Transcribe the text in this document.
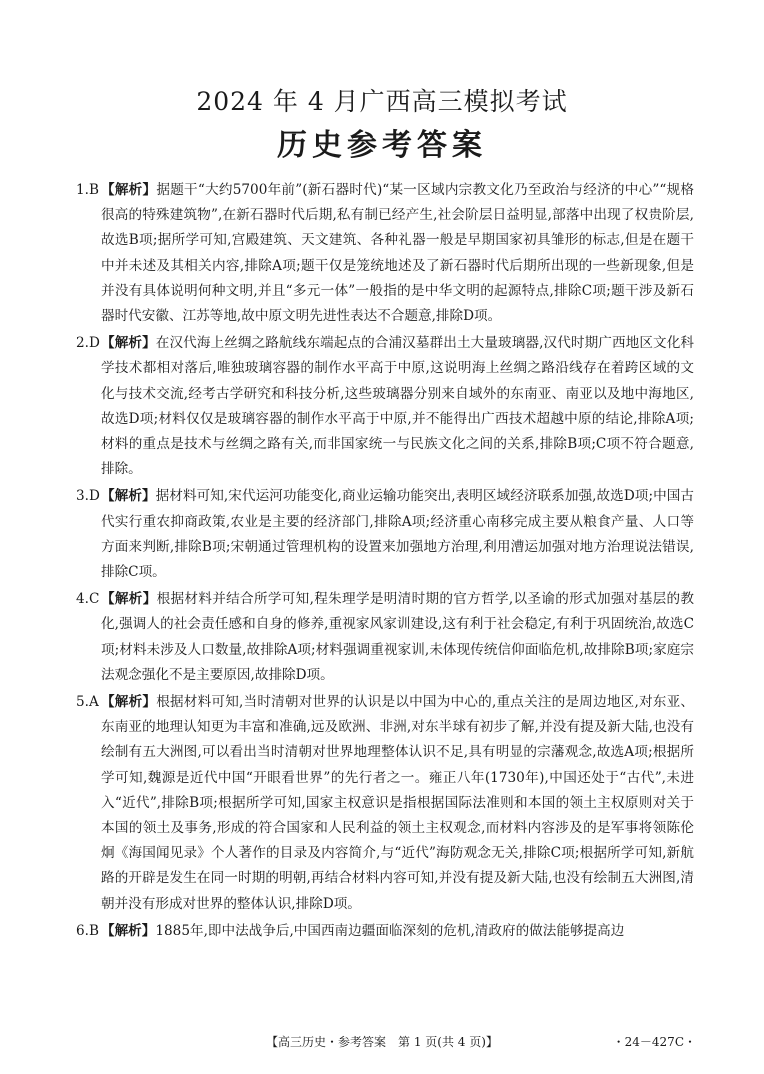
2024 年 4 月广西高三模拟考试
历史参考答案
1.B 【解析】据题干“大约5700年前”(新石器时代)“某一区域内宗教文化乃至政治与经济的中心”“规格很高的特殊建筑物”,在新石器时代后期,私有制已经产生,社会阶层日益明显,部落中出现了权贵阶层,故选B项;据所学可知,宫殿建筑、天文建筑、各种礼器一般是早期国家初具雏形的标志,但是在题干中并未述及其相关内容,排除A项;题干仅是笼统地述及了新石器时代后期所出现的一些新现象,但是并没有具体说明何种文明,并且“多元一体”一般指的是中华文明的起源特点,排除C项;题干涉及新石器时代安徽、江苏等地,故中原文明先进性表达不合题意,排除D项。
2.D 【解析】在汉代海上丝绸之路航线东端起点的合浦汉墓群出土大量玻璃器,汉代时期广西地区文化科学技术都相对落后,唯独玻璃容器的制作水平高于中原,这说明海上丝绸之路沿线存在着跨区域的文化与技术交流,经考古学研究和科技分析,这些玻璃器分别来自域外的东南亚、南亚以及地中海地区,故选D项;材料仅仅是玻璃容器的制作水平高于中原,并不能得出广西技术超越中原的结论,排除A项;材料的重点是技术与丝绸之路有关,而非国家统一与民族文化之间的关系,排除B项;C项不符合题意,排除。
3.D 【解析】据材料可知,宋代运河功能变化,商业运输功能突出,表明区域经济联系加强,故选D项;中国古代实行重农抑商政策,农业是主要的经济部门,排除A项;经济重心南移完成主要从粮食产量、人口等方面来判断,排除B项;宋朝通过管理机构的设置来加强地方治理,利用漕运加强对地方治理说法错误,排除C项。
4.C 【解析】根据材料并结合所学可知,程朱理学是明清时期的官方哲学,以圣谕的形式加强对基层的教化,强调人的社会责任感和自身的修养,重视家风家训建设,这有利于社会稳定,有利于巩固统治,故选C项;材料未涉及人口数量,故排除A项;材料强调重视家训,未体现传统信仰面临危机,故排除B项;家庭宗法观念强化不是主要原因,故排除D项。
5.A 【解析】根据材料可知,当时清朝对世界的认识是以中国为中心的,重点关注的是周边地区,对东亚、东南亚的地理认知更为丰富和准确,远及欧洲、非洲,对东半球有初步了解,并没有提及新大陆,也没有绘制有五大洲图,可以看出当时清朝对世界地理整体认识不足,具有明显的宗藩观念,故选A项;根据所学可知,魏源是近代中国“开眼看世界”的先行者之一。雍正八年(1730年),中国还处于“古代”,未进入“近代”,排除B项;根据所学可知,国家主权意识是指根据国际法准则和本国的领土主权原则对关于本国的领土及事务,形成的符合国家和人民利益的领土主权观念,而材料内容涉及的是军事将领陈伦炯《海国闻见录》个人著作的目录及内容简介,与“近代”海防观念无关,排除C项;根据所学可知,新航路的开辟是发生在同一时期的明朝,再结合材料内容可知,并没有提及新大陆,也没有绘制五大洲图,清朝并没有形成对世界的整体认识,排除D项。
6.B 【解析】1885年,即中法战争后,中国西南边疆面临深刻的危机,清政府的做法能够提高边
【高三历史・参考答案　第 1 页(共 4 页)】	・24－427C・
